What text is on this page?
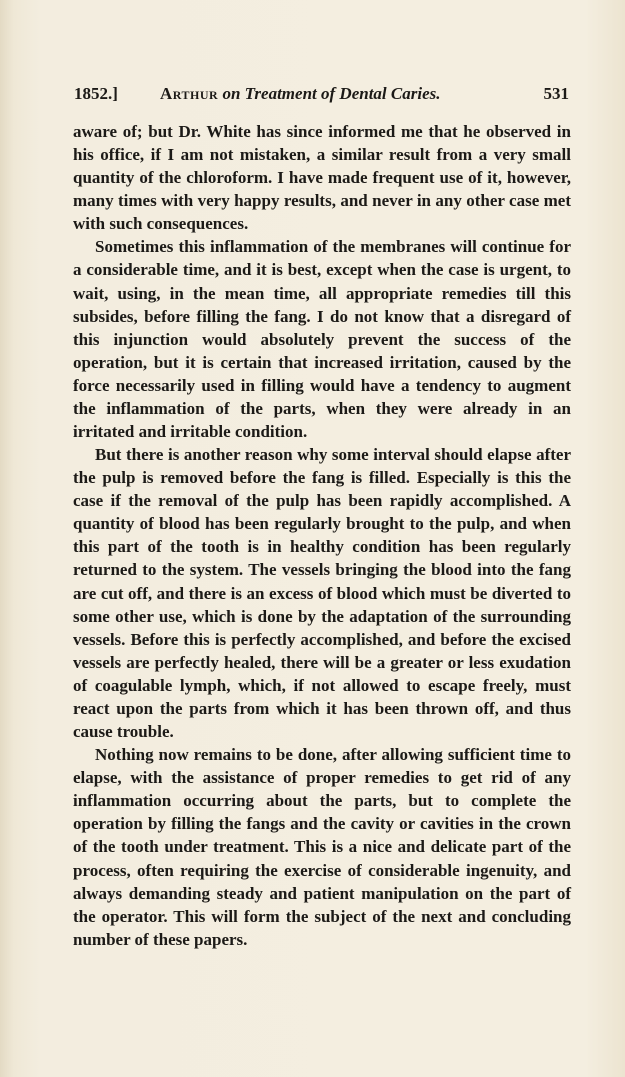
1852.] Arthur on Treatment of Dental Caries.	531

aware of; but Dr. White has since informed me that he observed in his office, if I am not mistaken, a similar result from a very small quantity of the chloroform. I have made frequent use of it, however, many times with very happy results, and never in any other case met with such consequences.

Sometimes this inflammation of the membranes will continue for a considerable time, and it is best, except when the case is urgent, to wait, using, in the mean time, all appropriate remedies till this subsides, before filling the fang. I do not know that a disregard of this injunction would absolutely prevent the success of the operation, but it is certain that increased irritation, caused by the force necessarily used in filling would have a tendency to augment the inflammation of the parts, when they were already in an irritated and irritable condition.

But there is another reason why some interval should elapse after the pulp is removed before the fang is filled. Especially is this the case if the removal of the pulp has been rapidly accomplished. A quantity of blood has been regularly brought to the pulp, and when this part of the tooth is in healthy condition has been regularly returned to the system. The vessels bringing the blood into the fang are cut off, and there is an excess of blood which must be diverted to some other use, which is done by the adaptation of the surrounding vessels. Before this is perfectly accomplished, and before the excised vessels are perfectly healed, there will be a greater or less exudation of coagulable lymph, which, if not allowed to escape freely, must react upon the parts from which it has been thrown off, and thus cause trouble.

Nothing now remains to be done, after allowing sufficient time to elapse, with the assistance of proper remedies to get rid of any inflammation occurring about the parts, but to complete the operation by filling the fangs and the cavity or cavities in the crown of the tooth under treatment. This is a nice and delicate part of the process, often requiring the exercise of considerable ingenuity, and always demanding steady and patient manipulation on the part of the operator. This will form the subject of the next and concluding number of these papers.
